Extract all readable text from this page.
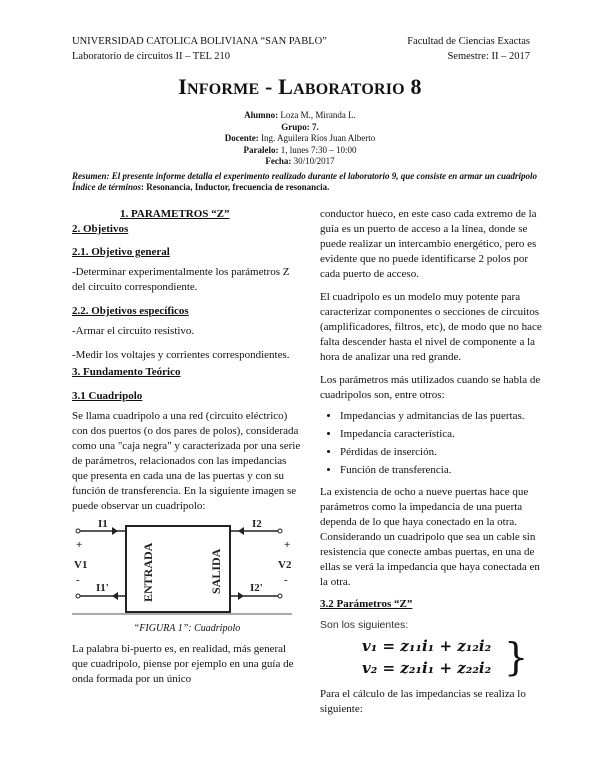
UNIVERSIDAD CATOLICA BOLIVIANA “SAN PABLO”
Laboratorio de circuitos II – TEL 210
Facultad de Ciencias Exactas
Semestre: II – 2017
INFORME - LABORATORIO 8
Alumno: Loza M., Miranda L.
Grupo: 7.
Docente: Ing. Aguilera Ríos Juan Alberto
Paralelo: 1, lunes 7:30 – 10:00
Fecha: 30/10/2017
Resumen: El presente informe detalla el experimento realizado durante el laboratorio 9, que consiste en armar un cuadripolo
Índice de términos: Resonancia, Inductor, frecuencia de resonancia.
1. PARAMETROS “Z”
2. Objetivos
2.1. Objetivo general
-Determinar experimentalmente los parámetros Z del circuito correspondiente.
2.2. Objetivos específicos
-Armar el circuito resistivo.
-Medir los voltajes y corrientes correspondientes.
3. Fundamento Teórico
3.1 Cuadripolo
Se llama cuadripolo a una red (circuito eléctrico) con dos puertos (o dos pares de polos), considerada como una "caja negra" y caracterizada por una serie de parámetros, relacionados con las impedancias que presenta en cada una de las puertas y con su función de transferencia. En la siguiente imagen se puede observar un cuadripolo:
I1
I1'
I2
I2'
V1	V2
+
-
+
-
ENTRADA	SALIDA
“FIGURA 1”: Cuadripolo
La palabra bi-puerto es, en realidad, más general que cuadripolo, piense por ejemplo en una guía de onda formada por un único
conductor hueco, en este caso cada extremo de la guía es un puerto de acceso a la línea, donde se puede realizar un intercambio energético, pero es evidente que no puede identificarse 2 polos por cada puerto de acceso.
El cuadripolo es un modelo muy potente para caracterizar componentes o secciones de circuitos (amplificadores, filtros, etc), de modo que no hace falta descender hasta el nivel de componente a la hora de analizar una red grande.
Los parámetros más utilizados cuando se habla de cuadripolos son, entre otros:
• Impedancias y admitancias de las puertas.
• Impedancia característica.
• Pérdidas de inserción.
• Función de transferencia.
La existencia de ocho a nueve puertas hace que parámetros como la impedancia de una puerta dependa de lo que haya conectado en la otra. Considerando un cuadripolo que sea un cable sin resistencia que conecte ambas puertas, en una de ellas se verá la impedancia que haya conectada en la otra.
3.2 Parámetros “Z”
Son los siguientes:
v₁ = z₁₁i₁ + z₁₂i₂
v₂ = z₂₁i₁ + z₂₂i₂ }
Para el cálculo de las impedancias se realiza lo siguiente:
